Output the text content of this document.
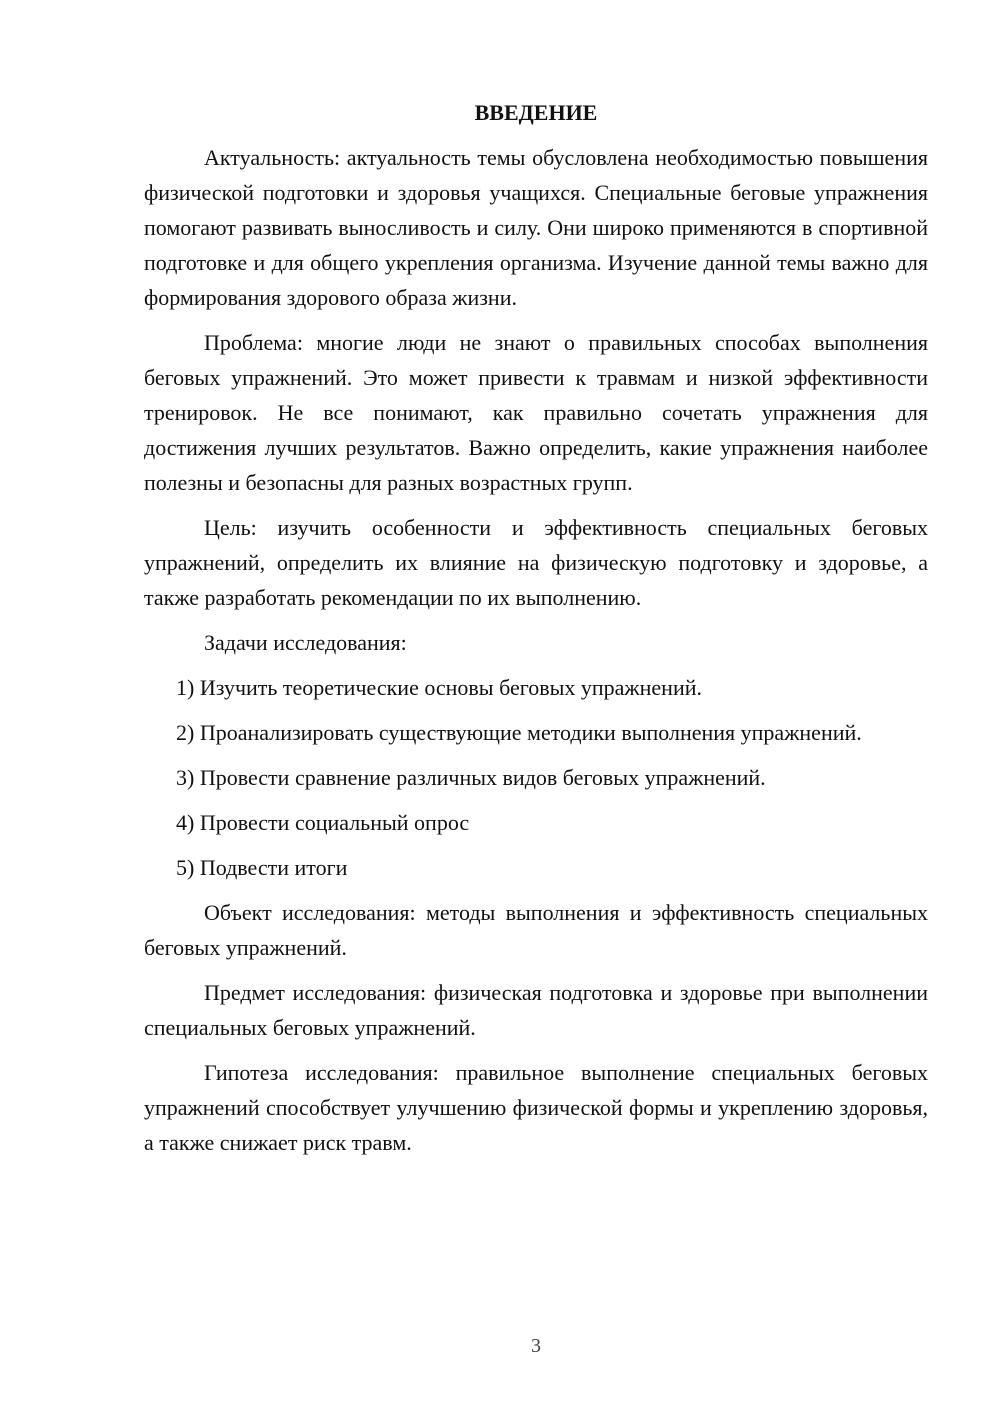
ВВЕДЕНИЕ

Актуальность: актуальность темы обусловлена необходимостью повышения физической подготовки и здоровья учащихся. Специальные беговые упражнения помогают развивать выносливость и силу. Они широко применяются в спортивной подготовке и для общего укрепления организма. Изучение данной темы важно для формирования здорового образа жизни.

Проблема: многие люди не знают о правильных способах выполнения беговых упражнений. Это может привести к травмам и низкой эффективности тренировок. Не все понимают, как правильно сочетать упражнения для достижения лучших результатов. Важно определить, какие упражнения наиболее полезны и безопасны для разных возрастных групп.

Цель: изучить особенности и эффективность специальных беговых упражнений, определить их влияние на физическую подготовку и здоровье, а также разработать рекомендации по их выполнению.

Задачи исследования:

1) Изучить теоретические основы беговых упражнений.

2) Проанализировать существующие методики выполнения упражнений.

3) Провести сравнение различных видов беговых упражнений.

4) Провести социальный опрос

5) Подвести итоги

Объект исследования: методы выполнения и эффективность специальных беговых упражнений.

Предмет исследования: физическая подготовка и здоровье при выполнении специальных беговых упражнений.

Гипотеза исследования: правильное выполнение специальных беговых упражнений способствует улучшению физической формы и укреплению здоровья, а также снижает риск травм.

3
